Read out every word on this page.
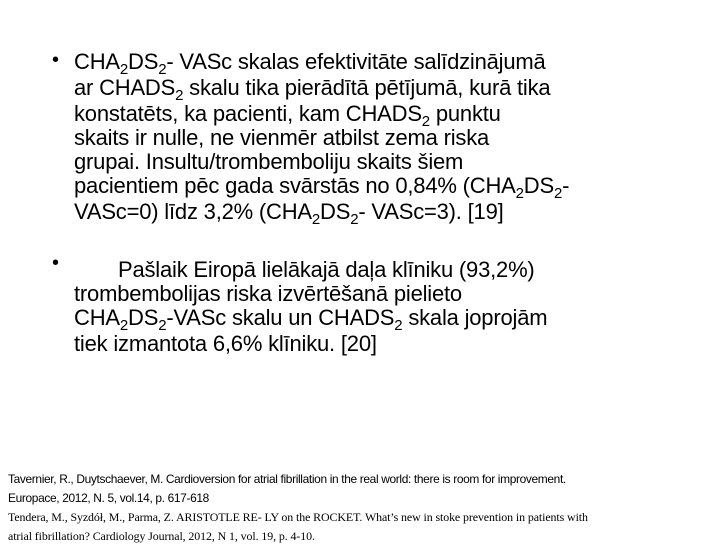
• $CHA_2DS_2-$ VASc skalas efektivitāte salīdzinājumā
ar $CHADS_2$ skalu tika pierādītā pētījumā, kurā tika
konstatēts, ka pacienti, kam $CHADS_2$ punktu
skaits ir nulle, ne vienmēr atbilst zema riska
grupai. Insultu/trombemboliju skaits šiem
pacientiem pēc gada svārstās no 0,84% ($CHA_2DS_2-$
VASc=0) līdz 3,2% ($CHA_2DS_2-$ VASc=3). [19]
•	Pašlaik Eiropā lielākajā daļa klīniku (93,2%)
trombembolijas riska izvērtēšanā pielieto
$CHA_2DS_2$-VASc skalu un $CHADS_2$ skala joprojām
tiek izmantota 6,6% klīniku. [20]
Tavernier, R., Duytschaever, M. Cardioversion for atrial fibrillation in the real world: there is room for improvement.
Europace, 2012, N. 5, vol.14, p. 617-618
Tendera, M., Syzdół, M., Parma, Z. ARISTOTLE RE- LY on the ROCKET. What’s new in stoke prevention in patients with
atrial fibrillation? Cardiology Journal, 2012, N 1, vol. 19, p. 4-10.
